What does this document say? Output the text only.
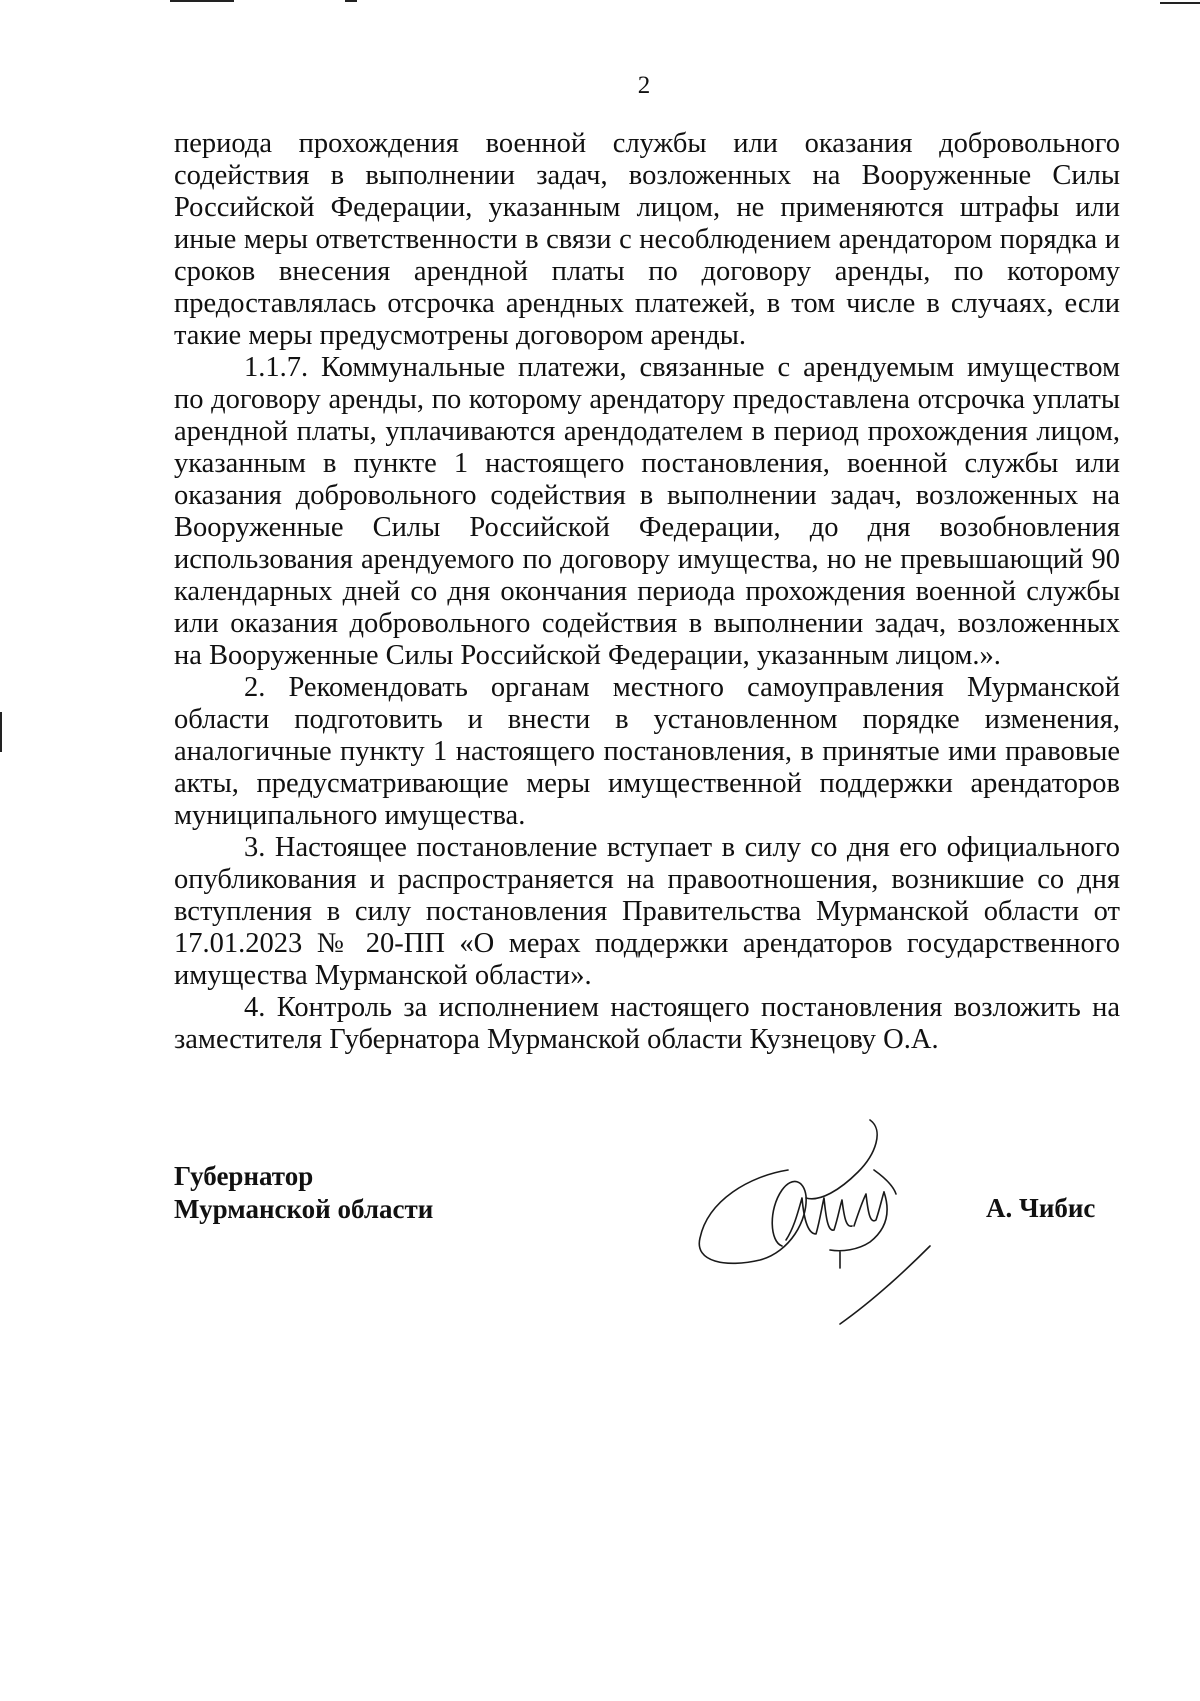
2

периода прохождения военной службы или оказания добровольного содействия в выполнении задач, возложенных на Вооруженные Силы Российской Федерации, указанным лицом, не применяются штрафы или иные меры ответственности в связи с несоблюдением арендатором порядка и сроков внесения арендной платы по договору аренды, по которому предоставлялась отсрочка арендных платежей, в том числе в случаях, если такие меры предусмотрены договором аренды.

1.1.7. Коммунальные платежи, связанные с арендуемым имуществом по договору аренды, по которому арендатору предоставлена отсрочка уплаты арендной платы, уплачиваются арендодателем в период прохождения лицом, указанным в пункте 1 настоящего постановления, военной службы или оказания добровольного содействия в выполнении задач, возложенных на Вооруженные Силы Российской Федерации, до дня возобновления использования арендуемого по договору имущества, но не превышающий 90 календарных дней со дня окончания периода прохождения военной службы или оказания добровольного содействия в выполнении задач, возложенных на Вооруженные Силы Российской Федерации, указанным лицом.».

2. Рекомендовать органам местного самоуправления Мурманской области подготовить и внести в установленном порядке изменения, аналогичные пункту 1 настоящего постановления, в принятые ими правовые акты, предусматривающие меры имущественной поддержки арендаторов муниципального имущества.

3. Настоящее постановление вступает в силу со дня его официального опубликования и распространяется на правоотношения, возникшие со дня вступления в силу постановления Правительства Мурманской области от 17.01.2023 № 20-ПП «О мерах поддержки арендаторов государственного имущества Мурманской области».

4. Контроль за исполнением настоящего постановления возложить на заместителя Губернатора Мурманской области Кузнецову О.А.

Губернатор
Мурманской области	А. Чибис
